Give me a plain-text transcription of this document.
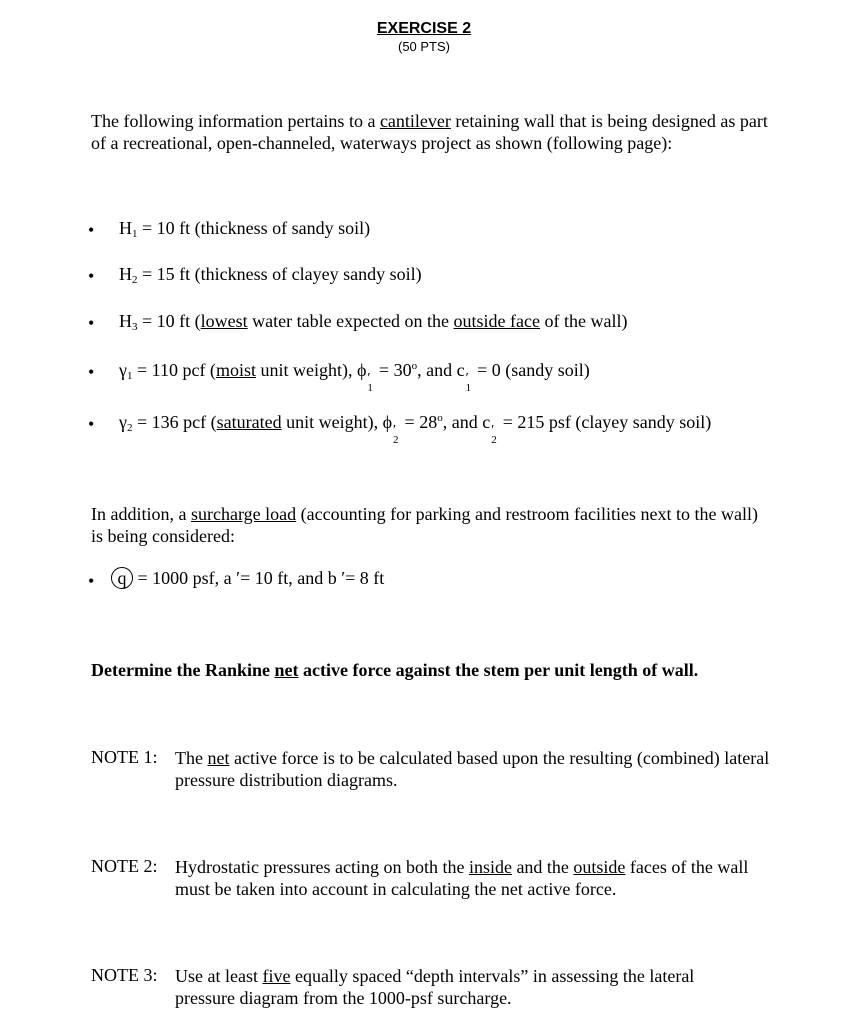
EXERCISE 2
(50 PTS)
The following information pertains to a cantilever retaining wall that is being designed as part of a recreational, open-channeled, waterways project as shown (following page):
• $H_1 = 10$ ft (thickness of sandy soil)
• $H_2 = 15$ ft (thickness of clayey sandy soil)
• $H_3 = 10$ ft (lowest water table expected on the outside face of the wall)
• $\gamma_1 = 110$ pcf (moist unit weight), ϕ ′
1
= $30^o$, and c ′
1
= 0 (sandy soil)
• $\gamma_2 = 136$ pcf (saturated unit weight), ϕ ′
2
= $28^o$, and c ′
2
= 215 psf (clayey sandy soil)
In addition, a surcharge load (accounting for parking and restroom facilities next to the wall) is being considered:
•	q = 1000 psf, a ′= 10 ft, and b ′= 8 ft
Determine the Rankine net active force against the stem per unit length of wall.
NOTE 1: The net active force is to be calculated based upon the resulting (combined) lateral pressure distribution diagrams.
NOTE 2: Hydrostatic pressures acting on both the inside and the outside faces of the wall must be taken into account in calculating the net active force.
NOTE 3: Use at least five equally spaced “depth intervals” in assessing the lateral pressure diagram from the 1000-psf surcharge.
